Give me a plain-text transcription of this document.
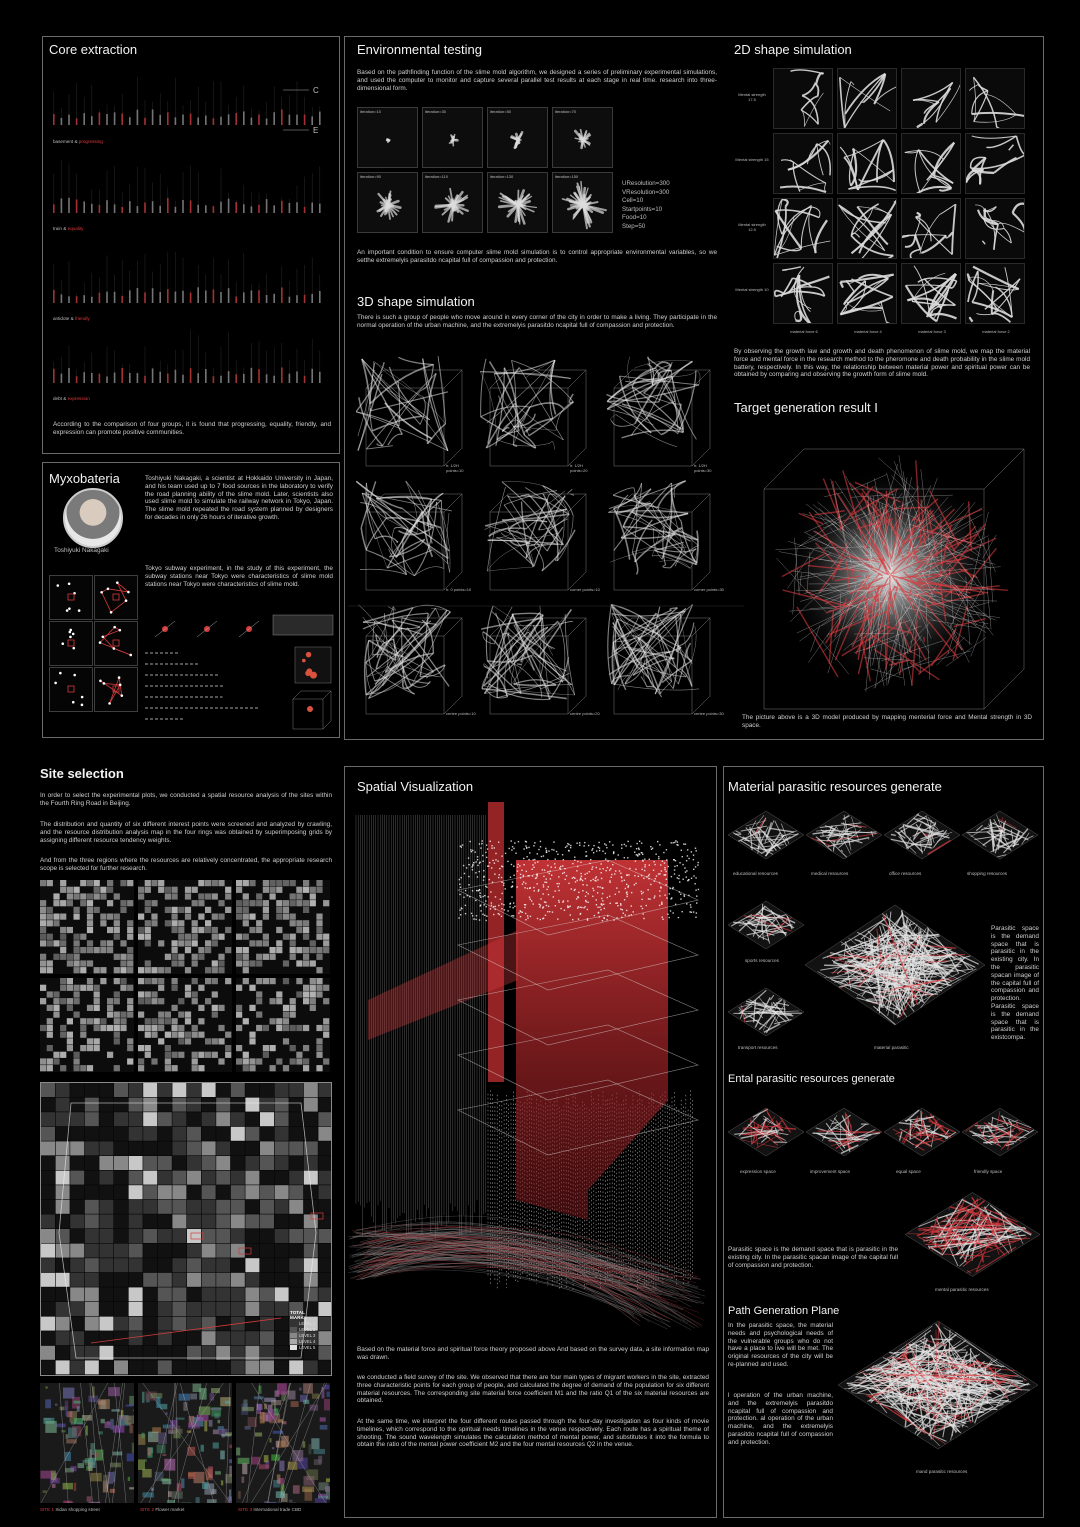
Core extraction
C
E
basement & progressing
train & equality
antidote & friendly
debt & expression
According to the comparison of four groups, it is found that progressing, equality, friendly, and expression can promote positive communities.
Myxobateria
Toshiyuki Nakagaki
Toshiyuki Nakagaki, a scientist at Hokkaido University in Japan, and his team used up to 7 food sources in the laboratory to verify the road planning ability of the slime mold. Later, scientists also used slime mold to simulate the railway network in Tokyo, Japan. The slime mold repeated the road system planned by designers for decades in only 26 hours of iterative growth.
Tokyo subway experiment, in the study of this experiment, the subway stations near Tokyo were characteristics of slime mold stations near Tokyo were characteristics of slime mold.
Environmental testing
Based on the pathfinding function of the slime mold algorithm, we designed a series of preliminary experimental simulations, and used the computer to monitor and capture several parallel test results at each stage in real time. research into three-dimensional form.
iteration=10	iteration=30	iteration=50	iteration=70
iteration=90	iteration=110	iteration=130	iteration=150
UResolution=300
VResolution=300
Cell=10
Startpoints=10
Food=10
Step=50
An important condition to ensure computer slime mold simulation is to control appropriate environmental variables, so we setthe extremelyis parasitdo ncapital full of compassion and protection.
3D shape simulation
There is such a group of people who move around in every corner of the city in order to make a living. They participate in the normal operation of the urban machine, and the extremelyis parasitdo ncapital full of compassion and protection.
h: 1/2H points=10
h: 1/2H points=20
h: 1/2H points=30
h: 0 points=10	corner points=10	corner points=30
centre points=10	centre points=20	centre points=30
2D shape simulation
Mental strength 17.5
Mental strength 15
Mental strength 12.5
Mental strength 10
material force 6	material force 4	material force 3	material force 2
By observing the growth law and growth and death phenomenon of slime mold, we map the material force and mental force in the research method to the pheromone and death probability in the slime mold battery, respectively. In this way, the relationship between material power and spiritual power can be obtained by comparing and observing the growth form of slime mold.
Target generation result I
The picture above is a 3D model produced by mapping menterial force and Mental strength in 3D space.
Site selection
In order to select the experimental plots, we conducted a spatial resource analysis of the sites within the Fourth Ring Road in Beijing.
The distribution and quantity of six different interest points were screened and analyzed by crawling, and the resource distribution analysis map in the four rings was obtained by superimposing grids by assigning different resource tendency weights.
And from the three regions where the resources are relatively concentrated, the appropriate research scope is selected for further research.
TOTAL MARK
LEVEL 1
LEVEL 2
LEVEL 3
LEVEL 4
LEVEL 5
SITE 1 Xidan shopping street	SITE 2 Flower market	SITE 3 International trade CBD
Spatial Visualization
Based on the material force and spiritual force theory proposed above And based on the survey data, a site information map was drawn.
we conducted a field survey of the site. We observed that there are four main types of migrant workers in the site, extracted three characteristic points for each group of people, and calculated the degree of demand of the population for six different material resources. The corresponding site material force coefficient M1 and the ratio Q1 of the six material resources are obtained.
At the same time, we interpret the four different routes passed through the four-day investigation as four kinds of movie timelines, which correspond to the spiritual needs timelines in the venue respectively. Each route has a spiritual theme of shooting. The sound wavelength simulates the calculation method of mental power, and substitutes it into the formula to obtain the ratio of the mental power coefficient M2 and the four mental resources Q2 in the venue.
Material parasitic resources generate
educational resources	medical resources	office resources	shopping resources
sports resources
transport resources	material parasitic
Parasitic space is the demand space that is parasitic in the existing city. In the parasitic spacan image of the capital full of compassion and protection. Parasitic space is the demand space that is parasitic in the existcompa.
Ental parasitic resources generate
expression space	improvement space	equal space	friendly space
Parasitic space is the demand space that is parasitic in the existing city. In the parasitic spacan image of the capital full of compassion and protection.
mental parasitic resources
Path Generation Plane
In the parasitic space, the material needs and psychological needs of the vulnerable groups who do not have a place to live will be met. The original resources of the city will be re-planned and used.
l operation of the urban machine, and the extremelyis parasitdo ncapital full of compassion and protection. al operation of the urban machine, and the extremelyis parasitdo ncapital full of compassion and protection.
mand parasitic resources
